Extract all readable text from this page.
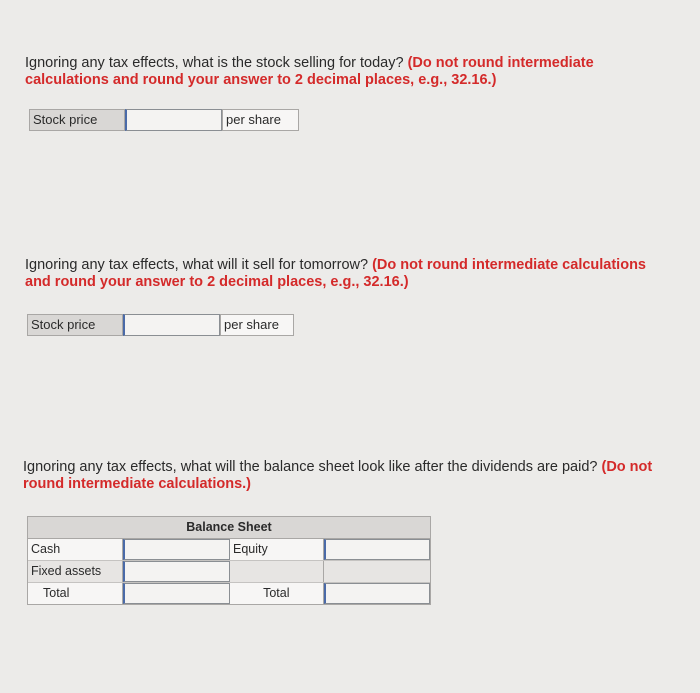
Ignoring any tax effects, what is the stock selling for today? (Do not round intermediate calculations and round your answer to 2 decimal places, e.g., 32.16.)
Stock price	per share
Ignoring any tax effects, what will it sell for tomorrow? (Do not round intermediate calculations and round your answer to 2 decimal places, e.g., 32.16.)
Stock price	per share
Ignoring any tax effects, what will the balance sheet look like after the dividends are paid? (Do not round intermediate calculations.)
Balance Sheet
Cash	Equity
Fixed assets
Total	Total
